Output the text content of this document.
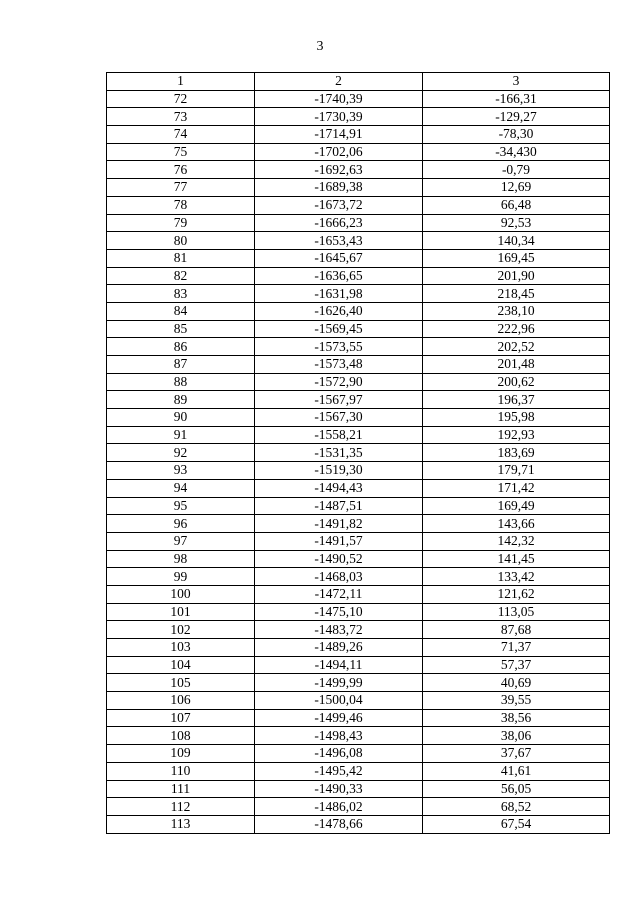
3
1	2	3
72	-1740,39	-166,31
73	-1730,39	-129,27
74	-1714,91	-78,30
75	-1702,06	-34,430
76	-1692,63	-0,79
77	-1689,38	12,69
78	-1673,72	66,48
79	-1666,23	92,53
80	-1653,43	140,34
81	-1645,67	169,45
82	-1636,65	201,90
83	-1631,98	218,45
84	-1626,40	238,10
85	-1569,45	222,96
86	-1573,55	202,52
87	-1573,48	201,48
88	-1572,90	200,62
89	-1567,97	196,37
90	-1567,30	195,98
91	-1558,21	192,93
92	-1531,35	183,69
93	-1519,30	179,71
94	-1494,43	171,42
95	-1487,51	169,49
96	-1491,82	143,66
97	-1491,57	142,32
98	-1490,52	141,45
99	-1468,03	133,42
100	-1472,11	121,62
101	-1475,10	113,05
102	-1483,72	87,68
103	-1489,26	71,37
104	-1494,11	57,37
105	-1499,99	40,69
106	-1500,04	39,55
107	-1499,46	38,56
108	-1498,43	38,06
109	-1496,08	37,67
110	-1495,42	41,61
111	-1490,33	56,05
112	-1486,02	68,52
113	-1478,66	67,54
